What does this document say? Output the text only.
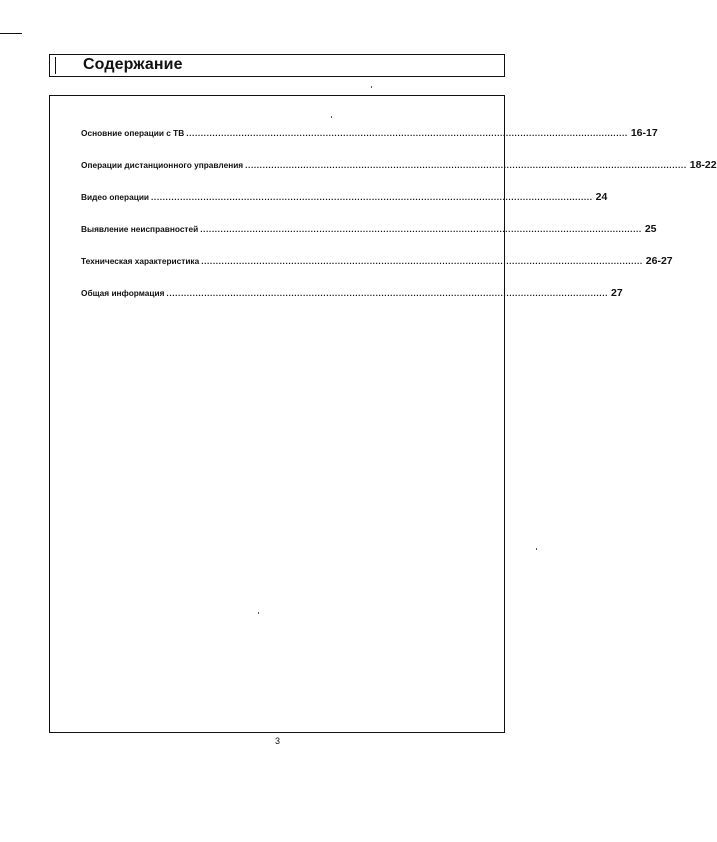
Содержание
Основние операции с ТВ ........................................................................................................................................................ 16-17
Операции дистанционного управления ........................................................................................................................................................ 18-22
Видео операции ........................................................................................................................................................ 24
Выявление неисправностей ........................................................................................................................................................ 25
Техническая характеристика ........................................................................................................................................................ 26-27
Общая информация ........................................................................................................................................................ 27
3
